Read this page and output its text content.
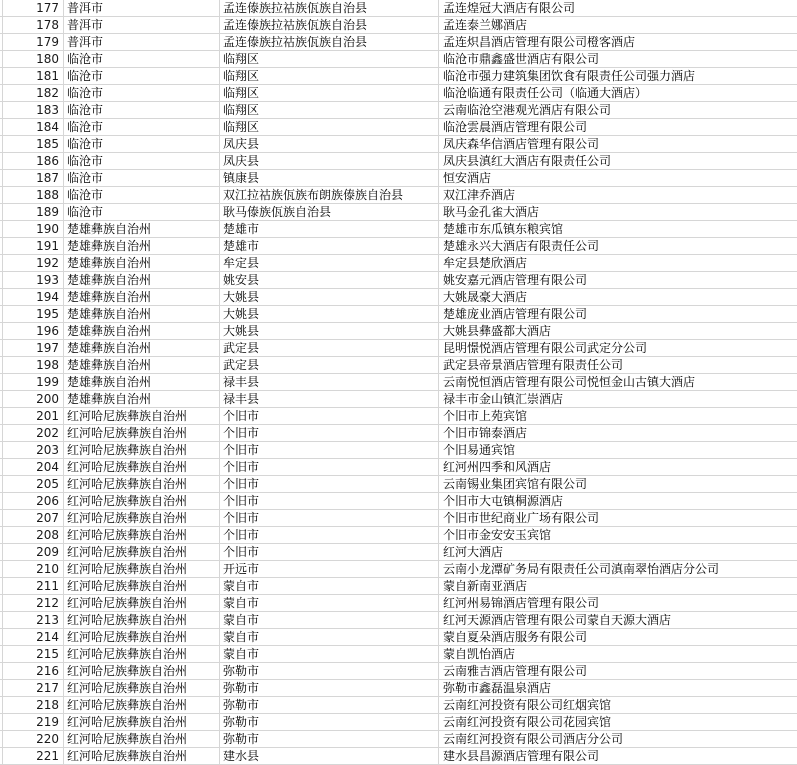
177 普洱市	孟连傣族拉祜族佤族自治县	孟连煌冠大酒店有限公司
178 普洱市	孟连傣族拉祜族佤族自治县	孟连泰兰娜酒店
179 普洱市	孟连傣族拉祜族佤族自治县	孟连炽昌酒店管理有限公司橙客酒店
180 临沧市	临翔区	临沧市鼎鑫盛世酒店有限公司
181 临沧市	临翔区	临沧市强力建筑集团饮食有限责任公司强力酒店
182 临沧市	临翔区	临沧临通有限责任公司（临通大酒店）
183 临沧市	临翔区	云南临沧空港观光酒店有限公司
184 临沧市	临翔区	临沧雲晨酒店管理有限公司
185 临沧市	凤庆县	凤庆森华信酒店管理有限公司
186 临沧市	凤庆县	凤庆县滇红大酒店有限责任公司
187 临沧市	镇康县	恒安酒店
188 临沧市	双江拉祜族佤族布朗族傣族自治县	双江津乔酒店
189 临沧市	耿马傣族佤族自治县	耿马金孔雀大酒店
190 楚雄彝族自治州	楚雄市	楚雄市东瓜镇东粮宾馆
191 楚雄彝族自治州	楚雄市	楚雄永兴大酒店有限责任公司
192 楚雄彝族自治州	牟定县	牟定县楚欣酒店
193 楚雄彝族自治州	姚安县	姚安嘉元酒店管理有限公司
194 楚雄彝族自治州	大姚县	大姚晟豪大酒店
195 楚雄彝族自治州	大姚县	楚雄庞业酒店管理有限公司
196 楚雄彝族自治州	大姚县	大姚县彝盛都大酒店
197 楚雄彝族自治州	武定县	昆明憬悦酒店管理有限公司武定分公司
198 楚雄彝族自治州	武定县	武定县帝景酒店管理有限责任公司
199 楚雄彝族自治州	禄丰县	云南悦恒酒店管理有限公司悦恒金山古镇大酒店
200 楚雄彝族自治州	禄丰县	禄丰市金山镇汇崇酒店
201 红河哈尼族彝族自治州	个旧市	个旧市上苑宾馆
202 红河哈尼族彝族自治州	个旧市	个旧市锦泰酒店
203 红河哈尼族彝族自治州	个旧市	个旧易通宾馆
204 红河哈尼族彝族自治州	个旧市	红河州四季和风酒店
205 红河哈尼族彝族自治州	个旧市	云南锡业集团宾馆有限公司
206 红河哈尼族彝族自治州	个旧市	个旧市大屯镇桐源酒店
207 红河哈尼族彝族自治州	个旧市	个旧市世纪商业广场有限公司
208 红河哈尼族彝族自治州	个旧市	个旧市金安安玉宾馆
209 红河哈尼族彝族自治州	个旧市	红河大酒店
210 红河哈尼族彝族自治州	开远市	云南小龙潭矿务局有限责任公司滇南翠怡酒店分公司
211 红河哈尼族彝族自治州	蒙自市	蒙自新南亚酒店
212 红河哈尼族彝族自治州	蒙自市	红河州易锦酒店管理有限公司
213 红河哈尼族彝族自治州	蒙自市	红河天源酒店管理有限公司蒙自天源大酒店
214 红河哈尼族彝族自治州	蒙自市	蒙自夏朵酒店服务有限公司
215 红河哈尼族彝族自治州	蒙自市	蒙自凯怡酒店
216 红河哈尼族彝族自治州	弥勒市	云南雅吉酒店管理有限公司
217 红河哈尼族彝族自治州	弥勒市	弥勒市鑫磊温泉酒店
218 红河哈尼族彝族自治州	弥勒市	云南红河投资有限公司红烟宾馆
219 红河哈尼族彝族自治州	弥勒市	云南红河投资有限公司花园宾馆
220 红河哈尼族彝族自治州	弥勒市	云南红河投资有限公司酒店分公司
221 红河哈尼族彝族自治州	建水县	建水县昌源酒店管理有限公司
